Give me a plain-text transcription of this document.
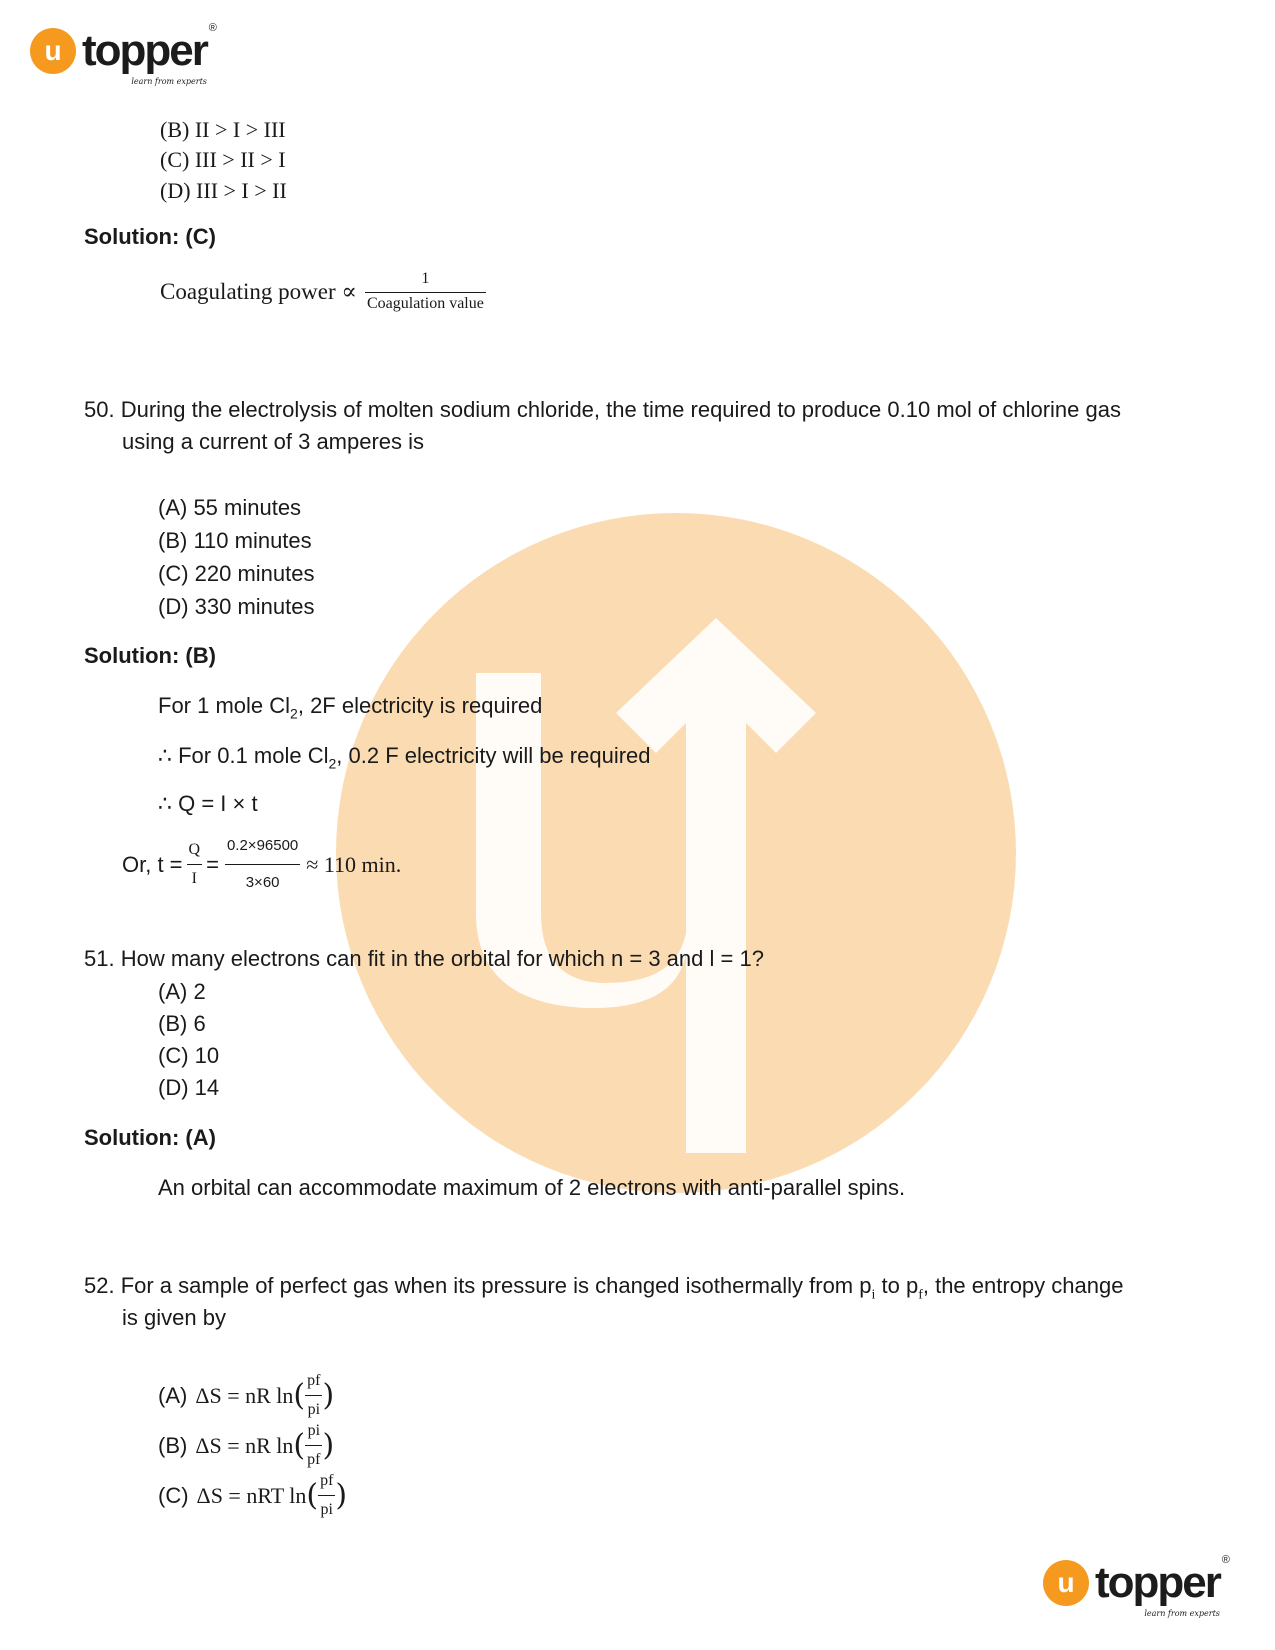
u topper ®
learn from experts
(B) II > I > III
(C) III > II > I
(D) III > I > II
Solution: (C)
Coagulating power ∝ $\frac{1}{\text{Coagulation value}}$
50. During the electrolysis of molten sodium chloride, the time required to produce 0.10 mol of chlorine gas
using a current of 3 amperes is
(A) 55 minutes
(B) 110 minutes
(C) 220 minutes
(D) 330 minutes
Solution: (B)
For 1 mole $Cl_2$, 2F electricity is required
∴ For 0.1 mole $Cl_2$, 0.2 F electricity will be required
∴ Q = I × t
Or, $t = \frac{Q}{I} = \frac{0.2\times 96500}{3\times 60} \approx 110$ min.
51. How many electrons can fit in the orbital for which n = 3 and l = 1?
(A) 2
(B) 6
(C) 10
(D) 14
Solution: (A)
An orbital can accommodate maximum of 2 electrons with anti-parallel spins.
52. For a sample of perfect gas when its pressure is changed isothermally from $p_i$ to $p_f$, the entropy change
is given by
(A) ΔS = nR ln ( $\frac{pf}{pi}$ )
(B) ΔS = nR ln ( $\frac{pi}{pf}$ )
(C) ΔS = nRT ln ( $\frac{pf}{pi}$ )
u topper ®
learn from experts
